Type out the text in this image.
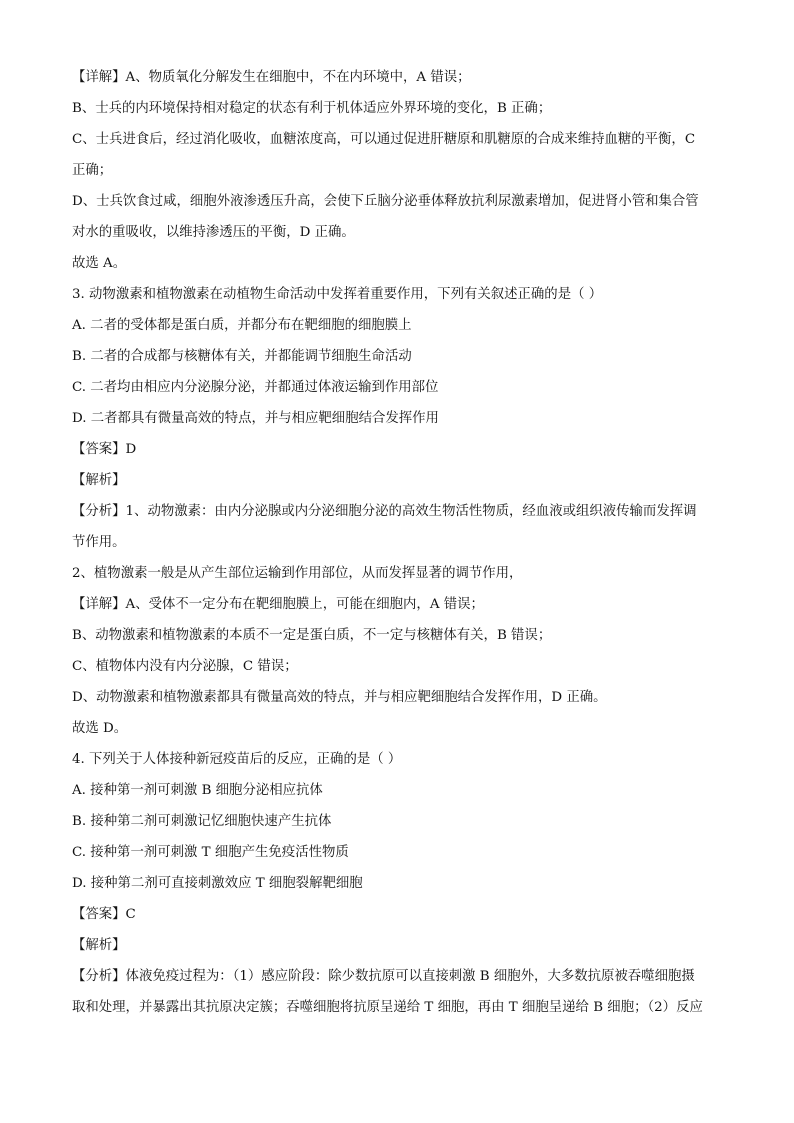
【详解】A、物质氧化分解发生在细胞中，不在内环境中，A 错误；

B、士兵的内环境保持相对稳定的状态有利于机体适应外界环境的变化，B 正确；

C、士兵进食后，经过消化吸收，血糖浓度高，可以通过促进肝糖原和肌糖原的合成来维持血糖的平衡，C

正确；

D、士兵饮食过咸，细胞外液渗透压升高，会使下丘脑分泌垂体释放抗利尿激素增加，促进肾小管和集合管

对水的重吸收，以维持渗透压的平衡，D 正确。

故选 A。

3. 动物激素和植物激素在动植物生命活动中发挥着重要作用，下列有关叙述正确的是（ ）

A. 二者的受体都是蛋白质，并都分布在靶细胞的细胞膜上

B. 二者的合成都与核糖体有关，并都能调节细胞生命活动

C. 二者均由相应内分泌腺分泌，并都通过体液运输到作用部位

D. 二者都具有微量高效的特点，并与相应靶细胞结合发挥作用

【答案】D

【解析】

【分析】1、动物激素：由内分泌腺或内分泌细胞分泌的高效生物活性物质，经血液或组织液传输而发挥调

节作用。

2、植物激素一般是从产生部位运输到作用部位，从而发挥显著的调节作用，

【详解】A、受体不一定分布在靶细胞膜上，可能在细胞内，A 错误；

B、动物激素和植物激素的本质不一定是蛋白质，不一定与核糖体有关，B 错误；

C、植物体内没有内分泌腺，C 错误；

D、动物激素和植物激素都具有微量高效的特点，并与相应靶细胞结合发挥作用，D 正确。

故选 D。

4. 下列关于人体接种新冠疫苗后的反应，正确的是（ ）

A. 接种第一剂可刺激 B 细胞分泌相应抗体

B. 接种第二剂可刺激记忆细胞快速产生抗体

C. 接种第一剂可刺激 T 细胞产生免疫活性物质

D. 接种第二剂可直接刺激效应 T 细胞裂解靶细胞

【答案】C

【解析】

【分析】体液免疫过程为：（1）感应阶段：除少数抗原可以直接刺激 B 细胞外，大多数抗原被吞噬细胞摄

取和处理，并暴露出其抗原决定簇；吞噬细胞将抗原呈递给 T 细胞，再由 T 细胞呈递给 B 细胞；（2）反应
